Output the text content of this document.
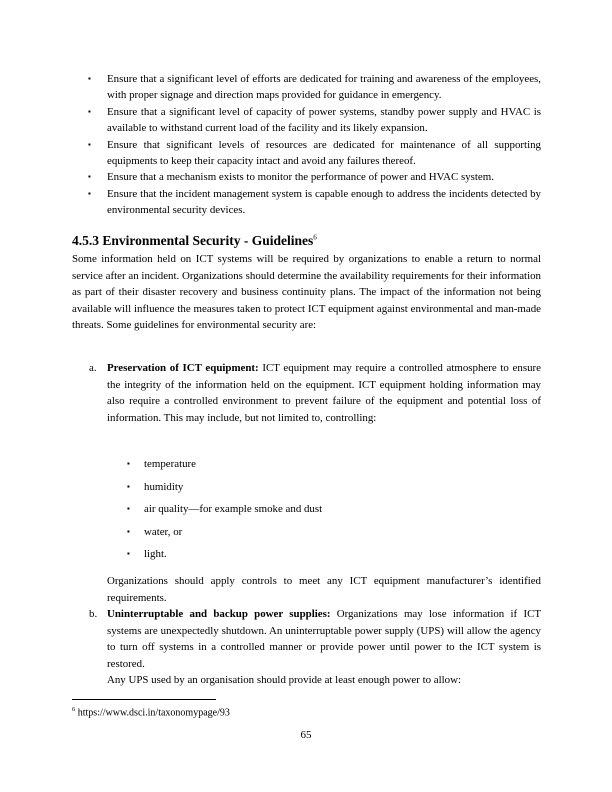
▪ Ensure that a significant level of efforts are dedicated for training and awareness of the employees, with proper signage and direction maps provided for guidance in emergency.
▪ Ensure that a significant level of capacity of power systems, standby power supply and HVAC is available to withstand current load of the facility and its likely expansion.
▪ Ensure that significant levels of resources are dedicated for maintenance of all supporting equipments to keep their capacity intact and avoid any failures thereof.
▪ Ensure that a mechanism exists to monitor the performance of power and HVAC system.
▪ Ensure that the incident management system is capable enough to address the incidents detected by environmental security devices.
4.5.3 Environmental Security - Guidelines$^6$

Some information held on ICT systems will be required by organizations to enable a return to normal service after an incident. Organizations should determine the availability requirements for their information as part of their disaster recovery and business continuity plans. The impact of the information not being available will influence the measures taken to protect ICT equipment against environmental and man-made threats. Some guidelines for environmental security are:

a. Preservation of ICT equipment: ICT equipment may require a controlled atmosphere to ensure the integrity of the information held on the equipment. ICT equipment holding information may also require a controlled environment to prevent failure of the equipment and potential loss of information. This may include, but not limited to, controlling:
▪ temperature
▪ humidity
▪ air quality—for example smoke and dust
▪ water, or
▪ light.
Organizations should apply controls to meet any ICT equipment manufacturer’s identified requirements.
b. Uninterruptable and backup power supplies: Organizations may lose information if ICT systems are unexpectedly shutdown. An uninterruptable power supply (UPS) will allow the agency to turn off systems in a controlled manner or provide power until power to the ICT system is restored.
Any UPS used by an organisation should provide at least enough power to allow:
$^6$ https://www.dsci.in/taxonomypage/93
65
